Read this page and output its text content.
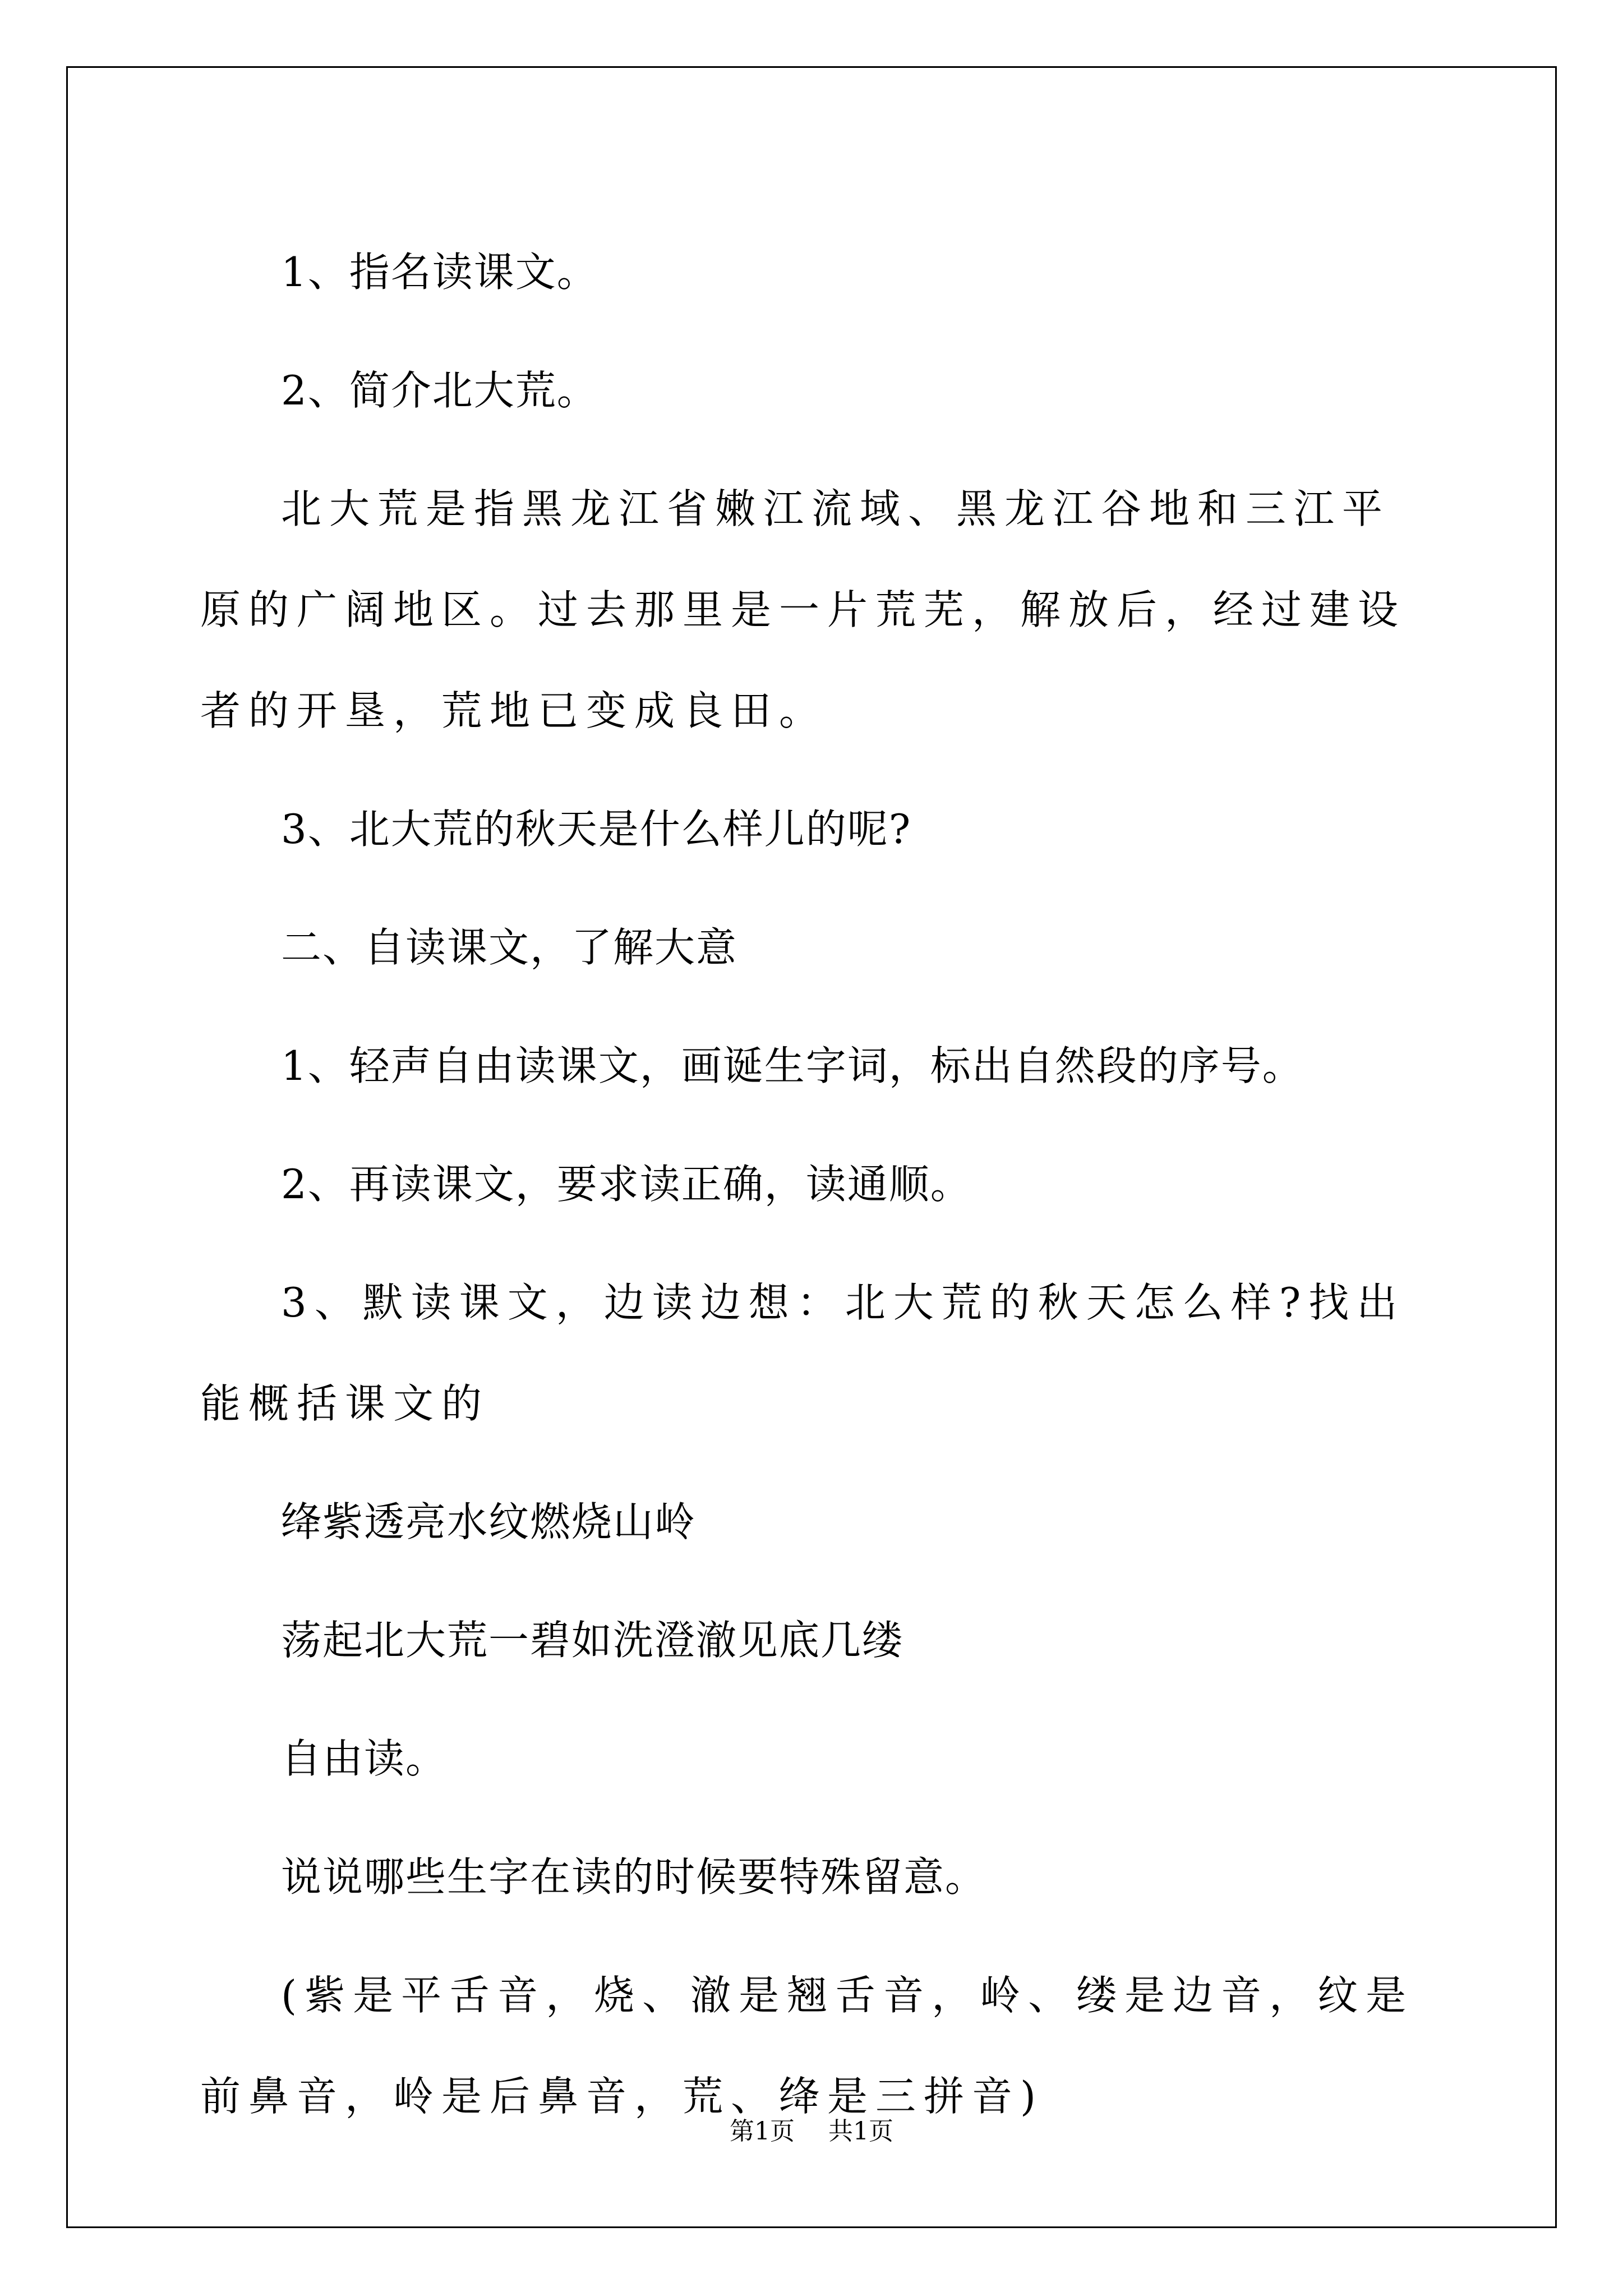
1、指名读课文。

2、简介北大荒。

北大荒是指黑龙江省嫩江流域、黑龙江谷地和三江平原的广阔地区。过去那里是一片荒芜，解放后，经过建设者的开垦，荒地已变成良田。

3、北大荒的秋天是什么样儿的呢?

二、自读课文，了解大意

1、轻声自由读课文，画诞生字词，标出自然段的序号。

2、再读课文，要求读正确，读通顺。

3、默读课文，边读边想：北大荒的秋天怎么样?找出能概括课文的

绛紫透亮水纹燃烧山岭

荡起北大荒一碧如洗澄澈见底几缕

自由读。

说说哪些生字在读的时候要特殊留意。

(紫是平舌音，烧、澈是翘舌音，岭、缕是边音，纹是前鼻音，岭是后鼻音，荒、绛是三拼音)

第1页 共1页
